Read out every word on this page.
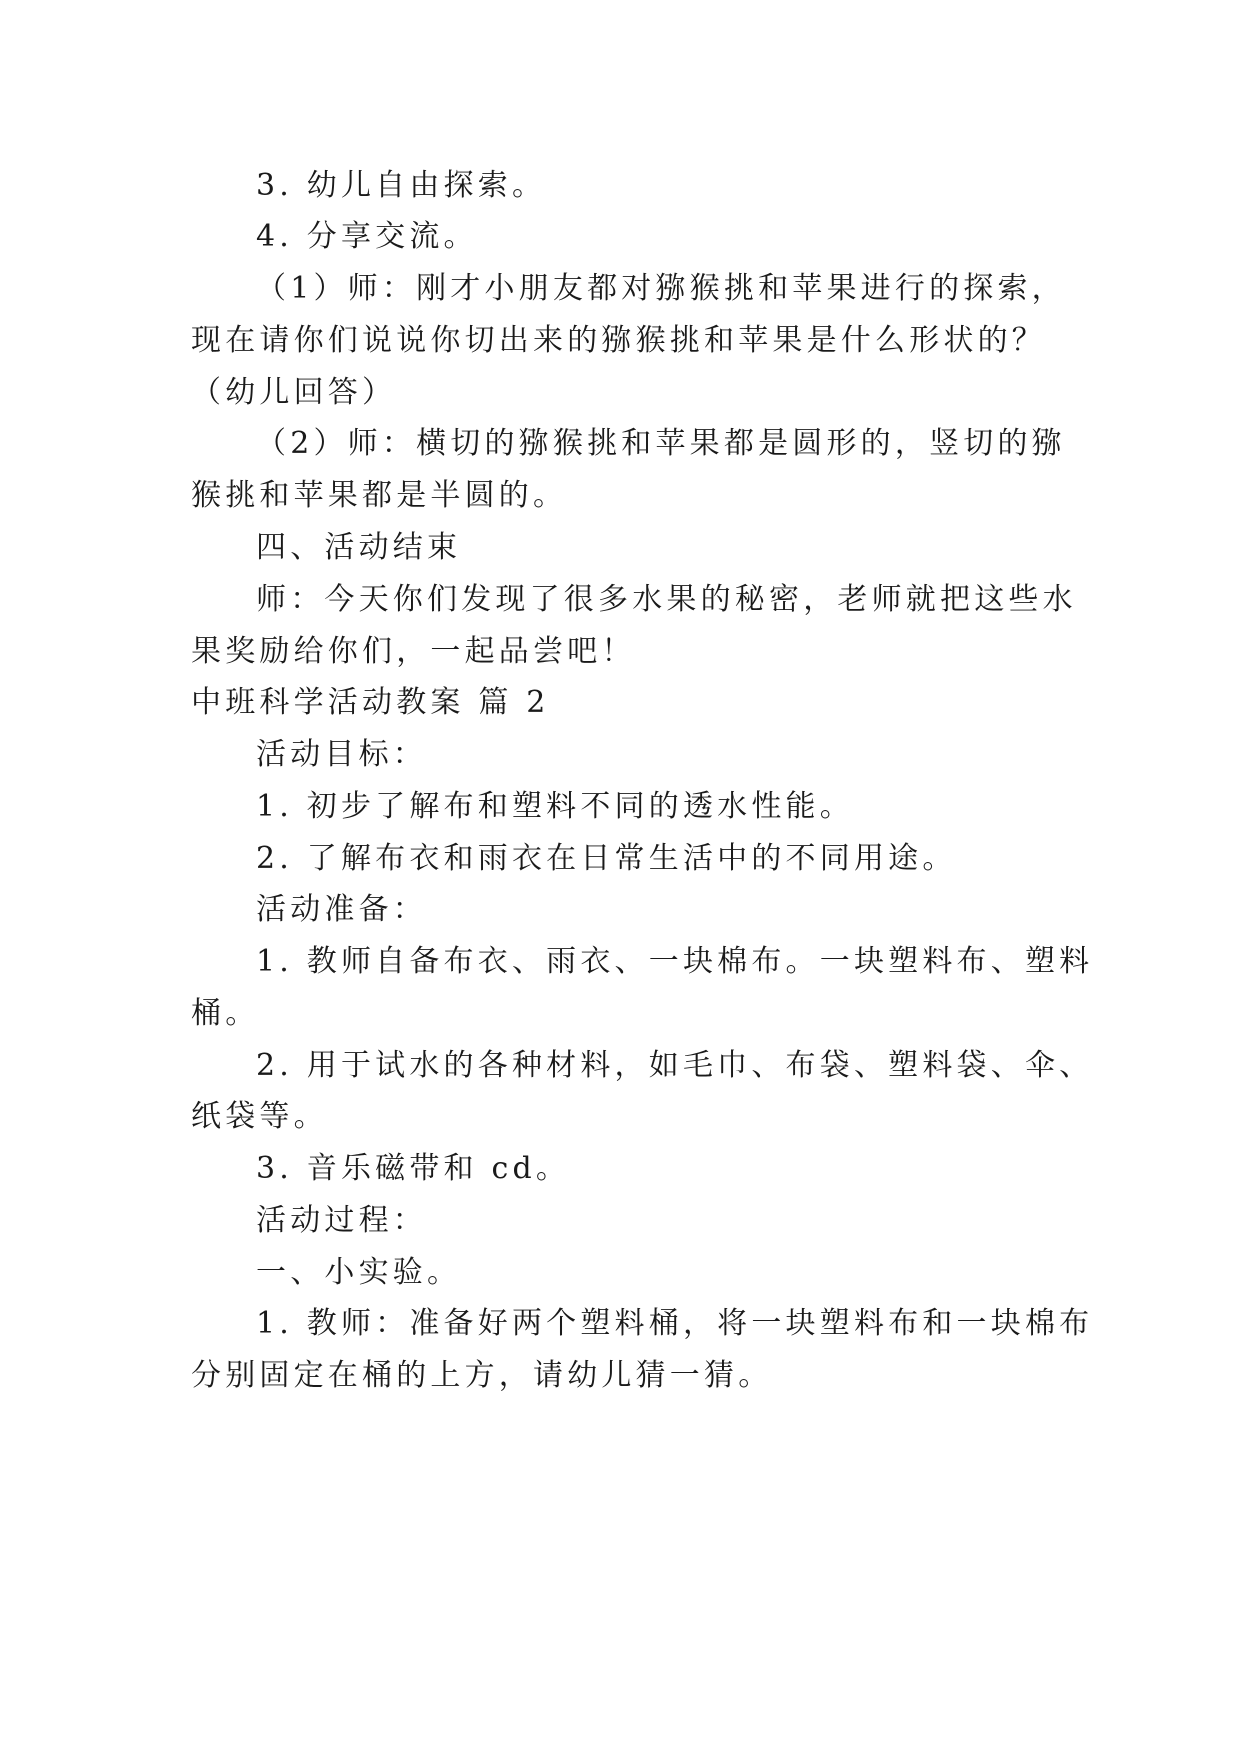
3. 幼儿自由探索。
4. 分享交流。
（1）师：刚才小朋友都对猕猴挑和苹果进行的探索，
现在请你们说说你切出来的猕猴挑和苹果是什么形状的？
（幼儿回答）
（2）师：横切的猕猴挑和苹果都是圆形的，竖切的猕
猴挑和苹果都是半圆的。
四、活动结束
师：今天你们发现了很多水果的秘密，老师就把这些水
果奖励给你们，一起品尝吧！
中班科学活动教案 篇 2
活动目标：
1. 初步了解布和塑料不同的透水性能。
2. 了解布衣和雨衣在日常生活中的不同用途。
活动准备：
1. 教师自备布衣、雨衣、一块棉布。一块塑料布、塑料
桶。
2. 用于试水的各种材料，如毛巾、布袋、塑料袋、伞、
纸袋等。
3. 音乐磁带和 cd。
活动过程：
一、小实验。
1. 教师：准备好两个塑料桶，将一块塑料布和一块棉布
分别固定在桶的上方，请幼儿猜一猜。
